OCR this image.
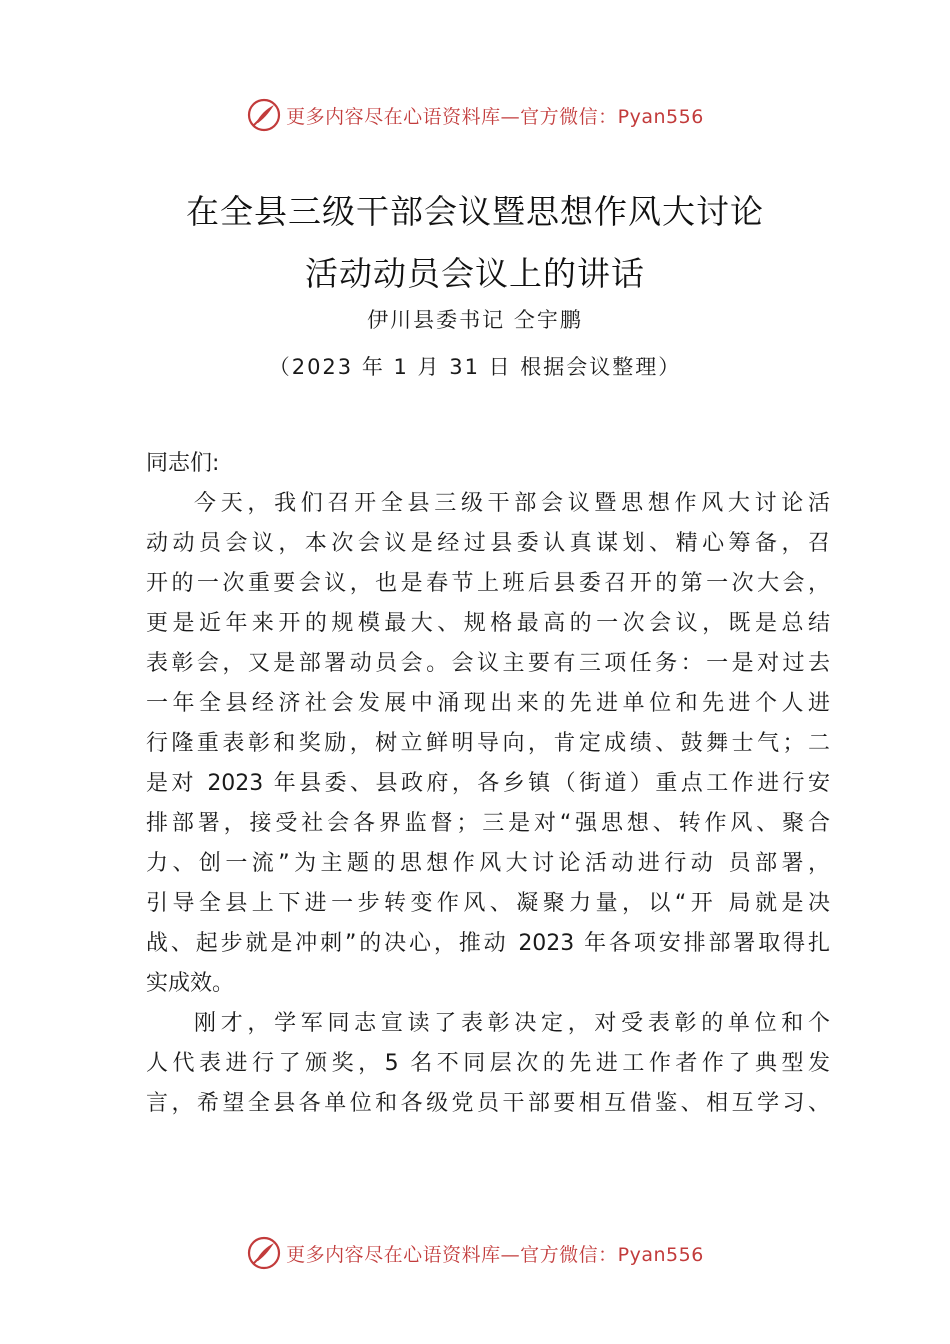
更多内容尽在心语资料库—官方微信：Pyan556
在全县三级干部会议暨思想作风大讨论
活动动员会议上的讲话
伊川县委书记 仝宇鹏
（2023 年 1 月 31 日 根据会议整理）
同志们:
今天，我们召开全县三级干部会议暨思想作风大讨论活
动动员会议，本次会议是经过县委认真谋划、精心筹备，召
开的一次重要会议，也是春节上班后县委召开的第一次大会，
更是近年来开的规模最大、规格最高的一次会议，既是总结
表彰会，又是部署动员会。会议主要有三项任务：一是对过去
一年全县经济社会发展中涌现出来的先进单位和先进个人进
行隆重表彰和奖励，树立鲜明导向，肯定成绩、鼓舞士气；二
是对 2023 年县委、县政府，各乡镇（街道）重点工作进行安
排部署，接受社会各界监督；三是对“强思想、转作风、聚合
力、创一流”为主题的思想作风大讨论活动进行动 员部署，
引导全县上下进一步转变作风、凝聚力量，以“开 局就是决
战、起步就是冲刺”的决心，推动 2023 年各项安排部署取得扎
实成效。
刚才，学军同志宣读了表彰决定，对受表彰的单位和个
人代表进行了颁奖，5 名不同层次的先进工作者作了典型发
言，希望全县各单位和各级党员干部要相互借鉴、相互学习、
更多内容尽在心语资料库—官方微信：Pyan556
